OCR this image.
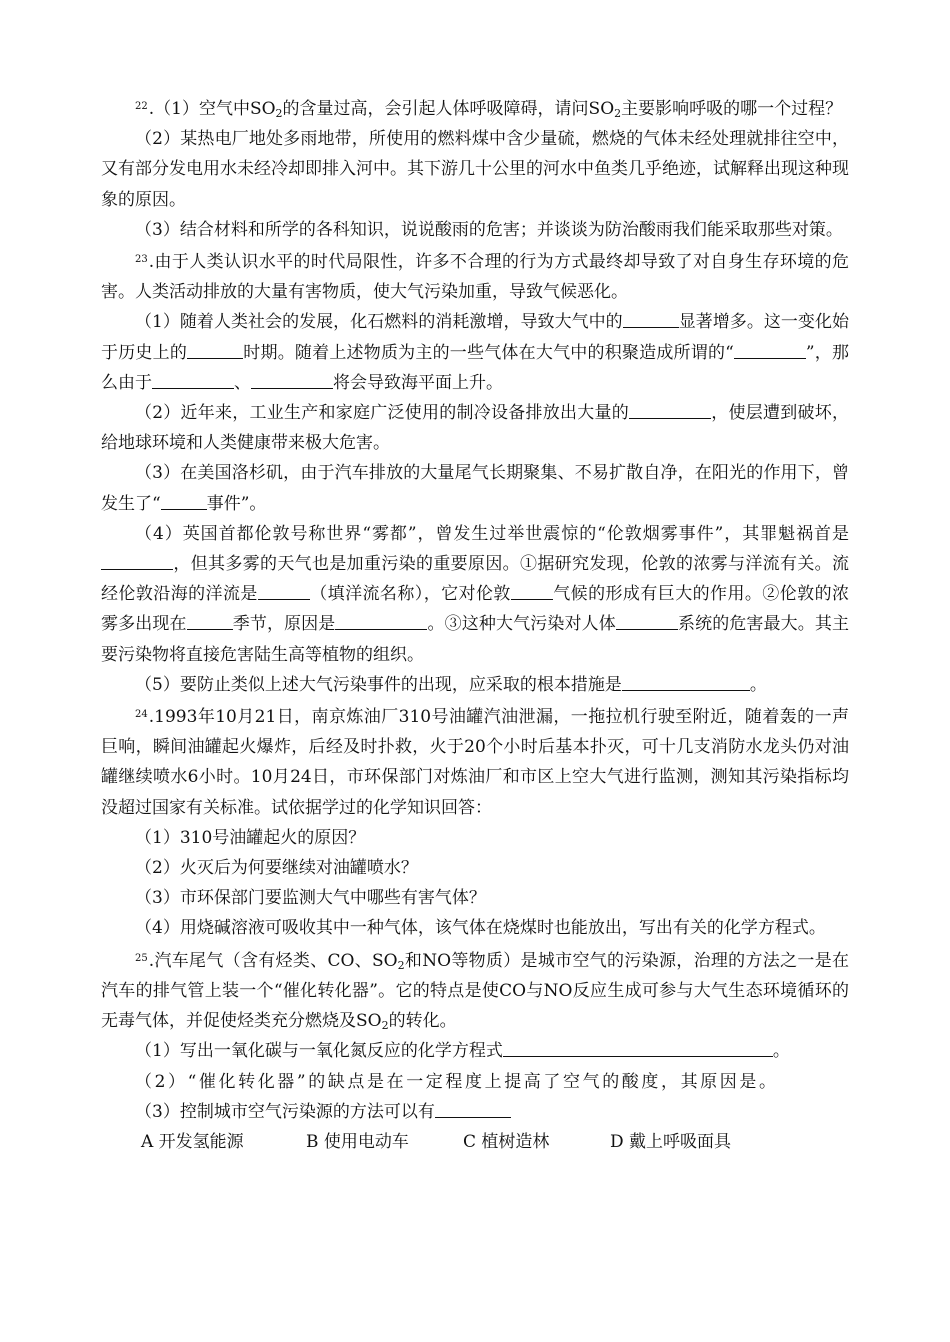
$^{22}$.（1）空气中$SO_2$的含量过高，会引起人体呼吸障碍，请问$SO_2$主要影响呼吸的哪一个过程？

（2）某热电厂地处多雨地带，所使用的燃料煤中含少量硫，燃烧的气体未经处理就排往空中，又有部分发电用水未经冷却即排入河中。其下游几十公里的河水中鱼类几乎绝迹，试解释出现这种现象的原因。

（3）结合材料和所学的各科知识，说说酸雨的危害；并谈谈为防治酸雨我们能采取那些对策。

$^{23}$.由于人类认识水平的时代局限性，许多不合理的行为方式最终却导致了对自身生存环境的危害。人类活动排放的大量有害物质，使大气污染加重，导致气候恶化。

（1）随着人类社会的发展，化石燃料的消耗激增，导致大气中的	显著增多。这一变化始于历史上的	时期。随着上述物质为主的一些气体在大气中的积聚造成所谓的“	”，那么由于	、	将会导致海平面上升。

（2）近年来，工业生产和家庭广泛使用的制冷设备排放出大量的	，使层遭到破坏，给地球环境和人类健康带来极大危害。

（3）在美国洛杉矶，由于汽车排放的大量尾气长期聚集、不易扩散自净，在阳光的作用下，曾发生了“	事件”。

（4）英国首都伦敦号称世界“雾都”，曾发生过举世震惊的“伦敦烟雾事件”，其罪魁祸首是，但其多雾的天气也是加重污染的重要原因。①据研究发现，伦敦的浓雾与洋流有关。流经伦敦沿海的洋流是	（填洋流名称），它对伦敦 气候的形成有巨大的作用。②伦敦的浓雾多出现在	季节，原因是	。③这种大气污染对人体	系统的危害最大。其主要污染物将直接危害陆生高等植物的组织。

（5）要防止类似上述大气污染事件的出现，应采取的根本措施是	。

$^{24}$.1993年10月21日，南京炼油厂310号油罐汽油泄漏，一拖拉机行驶至附近，随着轰的一声巨响，瞬间油罐起火爆炸，后经及时扑救，火于20个小时后基本扑灭，可十几支消防水龙头仍对油罐继续喷水6小时。10月24日，市环保部门对炼油厂和市区上空大气进行监测，测知其污染指标均没超过国家有关标准。试依据学过的化学知识回答：

（1）310号油罐起火的原因？

（2）火灭后为何要继续对油罐喷水？

（3）市环保部门要监测大气中哪些有害气体？

（4）用烧碱溶液可吸收其中一种气体，该气体在烧煤时也能放出，写出有关的化学方程式。

$^{25}$.汽车尾气（含有烃类、CO、$SO_2$和NO等物质）是城市空气的污染源，治理的方法之一是在汽车的排气管上装一个“催化转化器”。它的特点是使CO与NO反应生成可参与大气生态环境循环的无毒气体，并促使烃类充分燃烧及$SO_2$的转化。

（1）写出一氧化碳与一氧化氮反应的化学方程式	。

（2）“催化转化器”的缺点是在一定程度上提高了空气的酸度，其原因是。

（3）控制城市空气污染源的方法可以有

A 开发氢能源	B 使用电动车	C 植树造林	D 戴上呼吸面具
